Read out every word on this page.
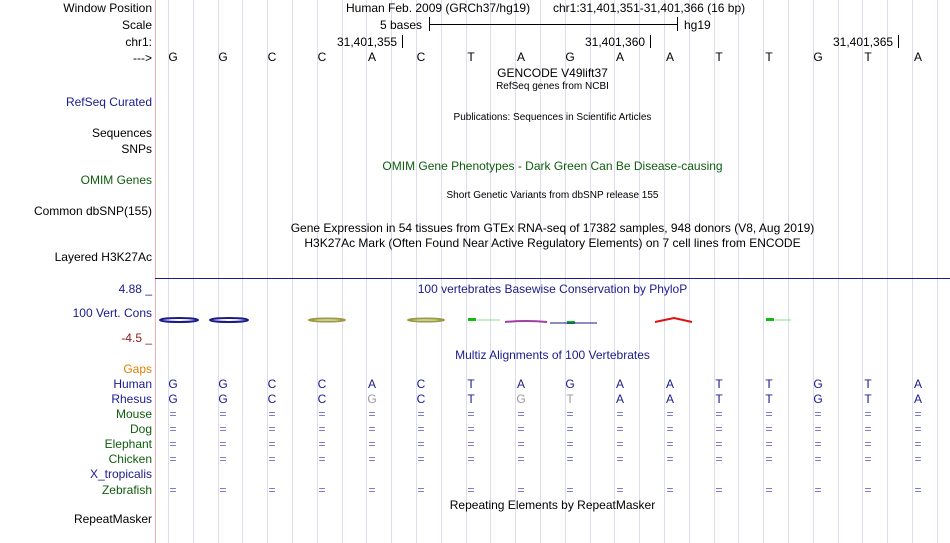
Window Position	Human Feb. 2009 (GRCh37/hg19) chr1:31,401,351-31,401,366 (16 bp)
Scale	5 bases	hg19
chr1:	31,401,355	31,401,360	31,401,365
--->	G	G	C	C	A	C	T	A	G	A	A	T	T	G	T	A
GENCODE V49lift37
RefSeq genes from NCBI
RefSeq Curated
Publications: Sequences in Scientific Articles
Sequences
SNPs
OMIM Gene Phenotypes - Dark Green Can Be Disease-causing
OMIM Genes
Short Genetic Variants from dbSNP release 155
Common dbSNP(155)
Gene Expression in 54 tissues from GTEx RNA-seq of 17382 samples, 948 donors (V8, Aug 2019)
H3K27Ac Mark (Often Found Near Active Regulatory Elements) on 7 cell lines from ENCODE
Layered H3K27Ac
100 vertebrates Basewise Conservation by PhyloP
4.88 _
100 Vert. Cons
-4.5 _
Multiz Alignments of 100 Vertebrates
Gaps
Human	G	G	C	C	A	C	T	A	G	A	A	T	T	G	T	A
Rhesus	G	G	C	C	G	C	T	G	T	A	A	T	T	G	T	A
Mouse	=	=	=	=	=	=	=	=	=	=	=	=	=	=	=	=
Dog	=	=	=	=	=	=	=	=	=	=	=	=	=	=	=	=
Elephant	=	=	=	=	=	=	=	=	=	=	=	=	=	=	=	=
Chicken	=	=	=	=	=	=	=	=	=	=	=	=	=	=	=	=
X_tropicalis
Zebrafish	=	=	=	=	=	=	=	=	=	=	=	=	=	=	=	=
Repeating Elements by RepeatMasker
RepeatMasker
